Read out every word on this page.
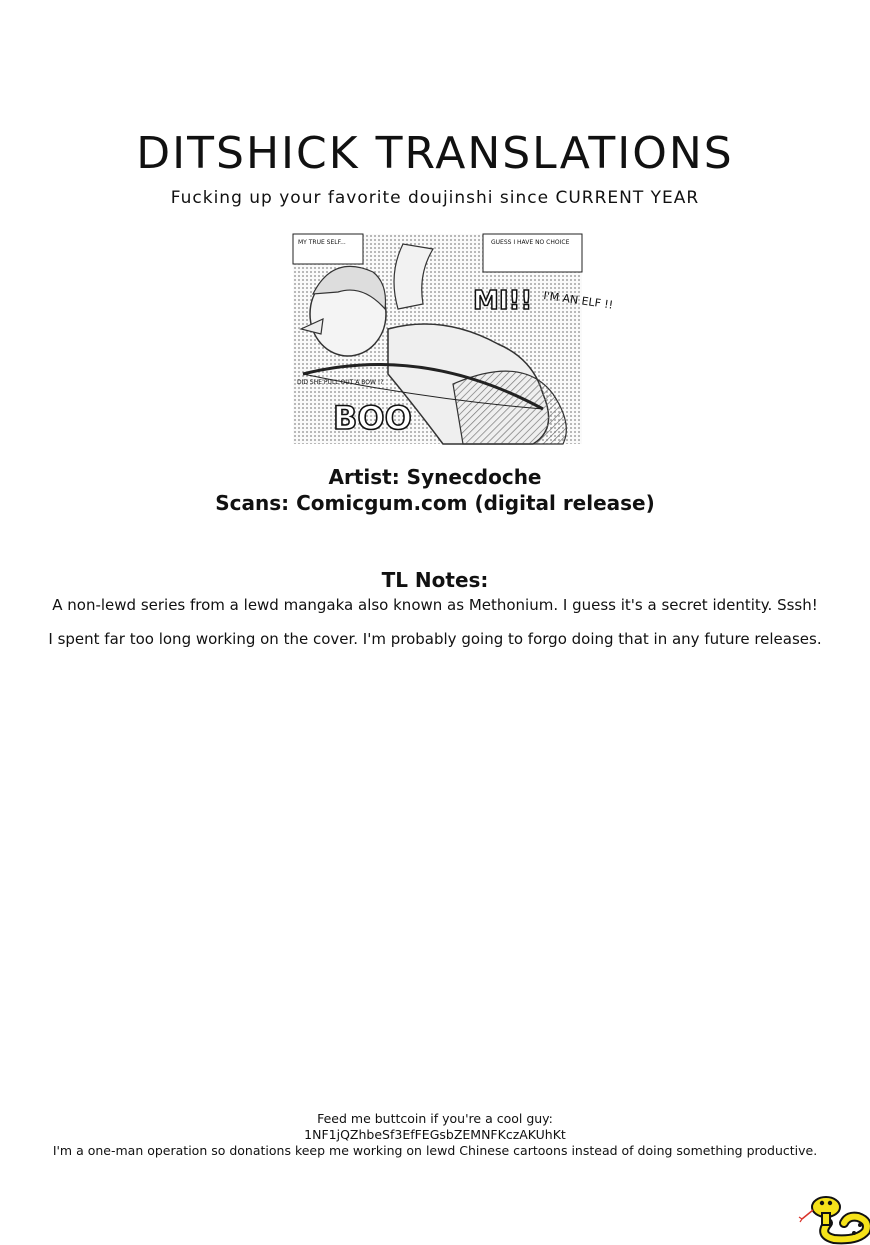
DITSHICK TRANSLATIONS
Fucking up your favorite doujinshi since CURRENT YEAR
MY TRUE SELF...	GUESS I HAVE NO CHOICE
MI!! I'M AN ELF !!
DID SHE PULL OUT A BOW !?
BOO
Artist: Synecdoche
Scans: Comicgum.com (digital release)
TL Notes:
A non-lewd series from a lewd mangaka also known as Methonium. I guess it's a secret identity. Sssh!
I spent far too long working on the cover. I'm probably going to forgo doing that in any future releases.
Feed me buttcoin if you're a cool guy:
1NF1jQZhbeSf3EfFEGsbZEMNFKczAKUhKt
I'm a one-man operation so donations keep me working on lewd Chinese cartoons instead of doing something productive.
